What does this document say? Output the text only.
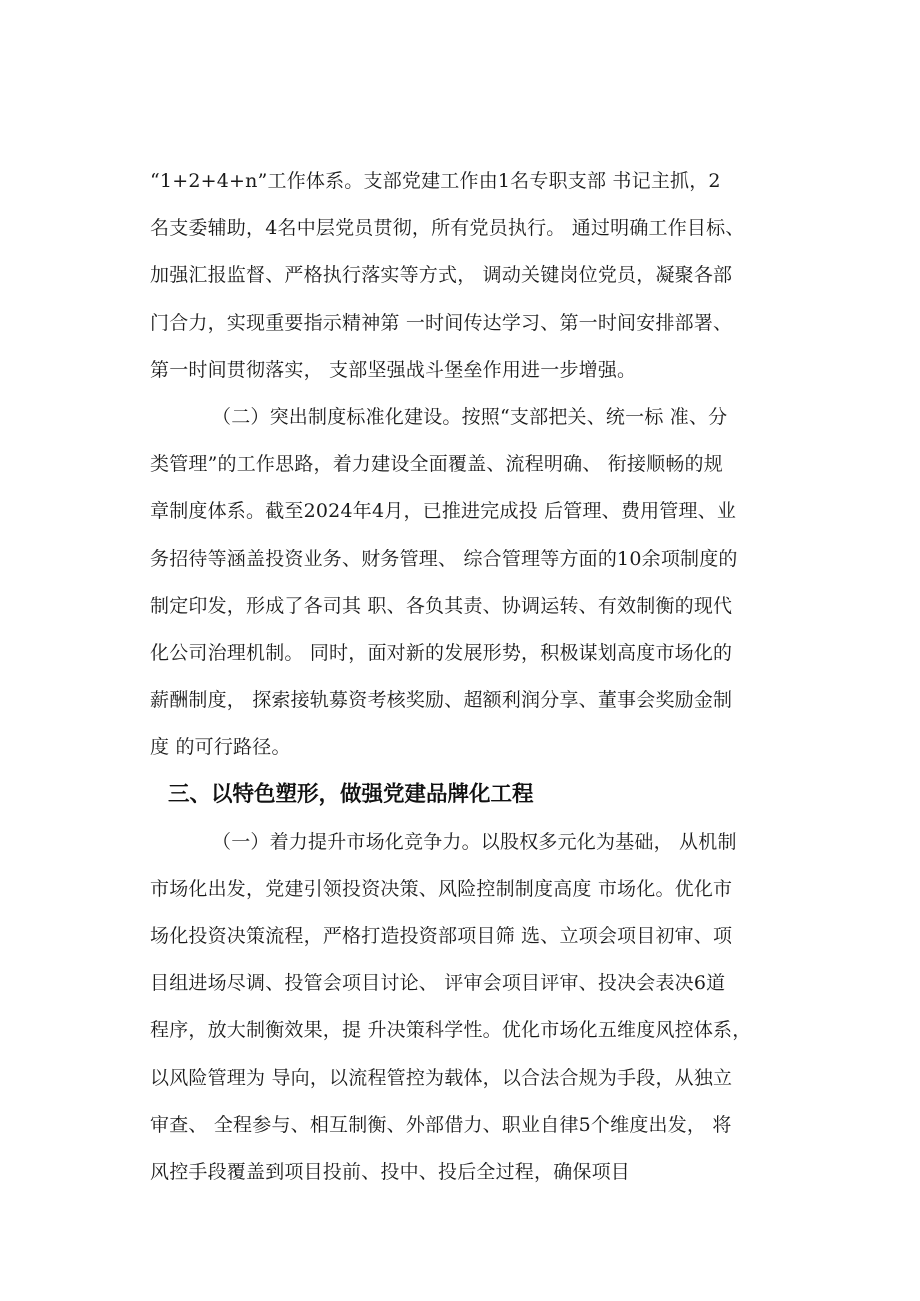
“1+2+4+n”工作体系。支部党建工作由1名专职支部 书记主抓，2
名支委辅助，4名中层党员贯彻，所有党员执行。 通过明确工作目标、
加强汇报监督、严格执行落实等方式， 调动关键岗位党员，凝聚各部
门合力，实现重要指示精神第 一时间传达学习、第一时间安排部署、
第一时间贯彻落实， 支部坚强战斗堡垒作用进一步增强。
（二）突出制度标准化建设。按照“支部把关、统一标 准、分
类管理”的工作思路，着力建设全面覆盖、流程明确、 衔接顺畅的规
章制度体系。截至2024年4月，已推进完成投 后管理、费用管理、业
务招待等涵盖投资业务、财务管理、 综合管理等方面的10余项制度的
制定印发，形成了各司其 职、各负其责、协调运转、有效制衡的现代
化公司治理机制。 同时，面对新的发展形势，积极谋划高度市场化的
薪酬制度， 探索接轨募资考核奖励、超额利润分享、董事会奖励金制
度 的可行路径。
三、以特色塑形，做强党建品牌化工程
（一）着力提升市场化竞争力。以股权多元化为基础， 从机制
市场化出发，党建引领投资决策、风险控制制度高度 市场化。优化市
场化投资决策流程，严格打造投资部项目筛 选、立项会项目初审、项
目组进场尽调、投管会项目讨论、 评审会项目评审、投决会表决6道
程序，放大制衡效果，提 升决策科学性。优化市场化五维度风控体系，
以风险管理为 导向，以流程管控为载体，以合法合规为手段，从独立
审查、 全程参与、相互制衡、外部借力、职业自律5个维度出发， 将
风控手段覆盖到项目投前、投中、投后全过程，确保项目
